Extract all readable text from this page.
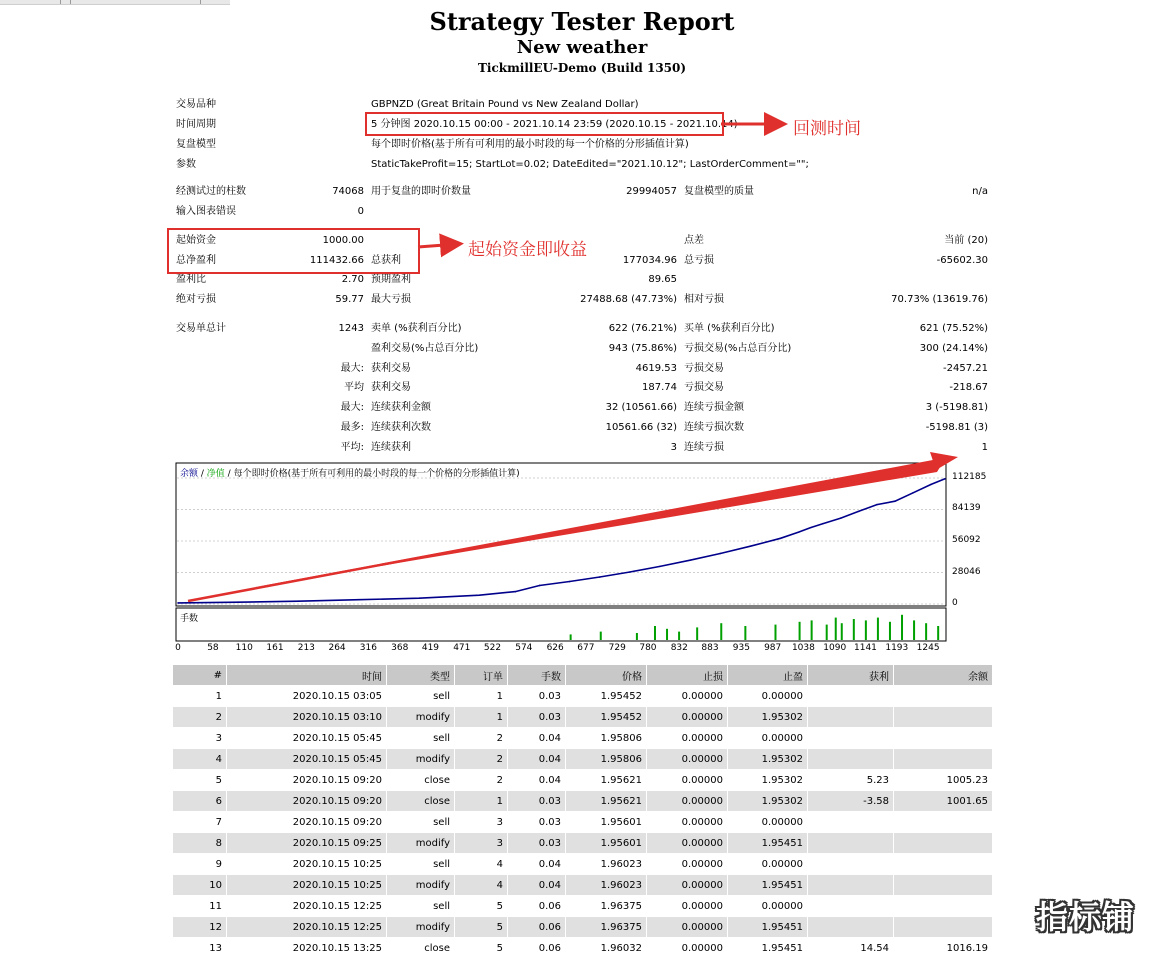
Strategy Tester Report
New weather
TickmillEU-Demo (Build 1350)
交易品种	GBPNZD (Great Britain Pound vs New Zealand Dollar)
时间周期	5 分钟图 2020.10.15 00:00 - 2021.10.14 23:59 (2020.10.15 - 2021.10.14)
复盘模型	每个即时价格(基于所有可利用的最小时段的每一个价格的分形插值计算)
参数	StaticTakeProfit=15; StartLot=0.02; DateEdited="2021.10.12"; LastOrderComment="";
经测试过的柱数	74068 用于复盘的即时价数量	29994057 复盘模型的质量	n/a
输入图表错误	0
起始资金	1000.00	点差	当前 (20)
总净盈利	111432.66 总获利	177034.96 总亏损	-65602.30
盈利比	2.70 预期盈利	89.65
绝对亏损	59.77 最大亏损	27488.68 (47.73%) 相对亏损	70.73% (13619.76)
交易单总计	1243 卖单 (%获利百分比)	622 (76.21%) 买单 (%获利百分比)	621 (75.52%)
盈利交易(%占总百分比)	943 (75.86%) 亏损交易(%占总百分比)	300 (24.14%)
最大: 获利交易	4619.53 亏损交易	-2457.21
平均 获利交易	187.74 亏损交易	-218.67
最大: 连续获利金额	32 (10561.66) 连续亏损金额	3 (-5198.81)
最多: 连续获利次数	10561.66 (32) 连续亏损次数	-5198.81 (3)
平均: 连续获利	3 连续亏损	1
回测时间
起始资金即收益
余额 / 净值 / 每个即时价格(基于所有可利用的最小时段的每一个价格的分形插值计算)
手数
0
28046
56092
84139
112185
0	58	110	161	213	264	316	368	419	471	522	574	626	677	729	780	832	883	935	987	1038 1090 1141 1193 1245
#	时间	类型	订单	手数	价格	止损	止盈	获利	余额
1	2020.10.15 03:05	sell	1	0.03	1.95452	0.00000	0.00000		
2	2020.10.15 03:10	modify	1	0.03	1.95452	0.00000	1.95302		
3	2020.10.15 05:45	sell	2	0.04	1.95806	0.00000	0.00000		
4	2020.10.15 05:45	modify	2	0.04	1.95806	0.00000	1.95302		
5	2020.10.15 09:20	close	2	0.04	1.95621	0.00000	1.95302	5.23	1005.23
6	2020.10.15 09:20	close	1	0.03	1.95621	0.00000	1.95302	-3.58	1001.65
7	2020.10.15 09:20	sell	3	0.03	1.95601	0.00000	0.00000		
8	2020.10.15 09:25	modify	3	0.03	1.95601	0.00000	1.95451		
9	2020.10.15 10:25	sell	4	0.04	1.96023	0.00000	0.00000		
10	2020.10.15 10:25	modify	4	0.04	1.96023	0.00000	1.95451		
11	2020.10.15 12:25	sell	5	0.06	1.96375	0.00000	0.00000		
12	2020.10.15 12:25	modify	5	0.06	1.96375	0.00000	1.95451		
13	2020.10.15 13:25	close	5	0.06	1.96032	0.00000	1.95451	14.54	1016.19
指标铺
